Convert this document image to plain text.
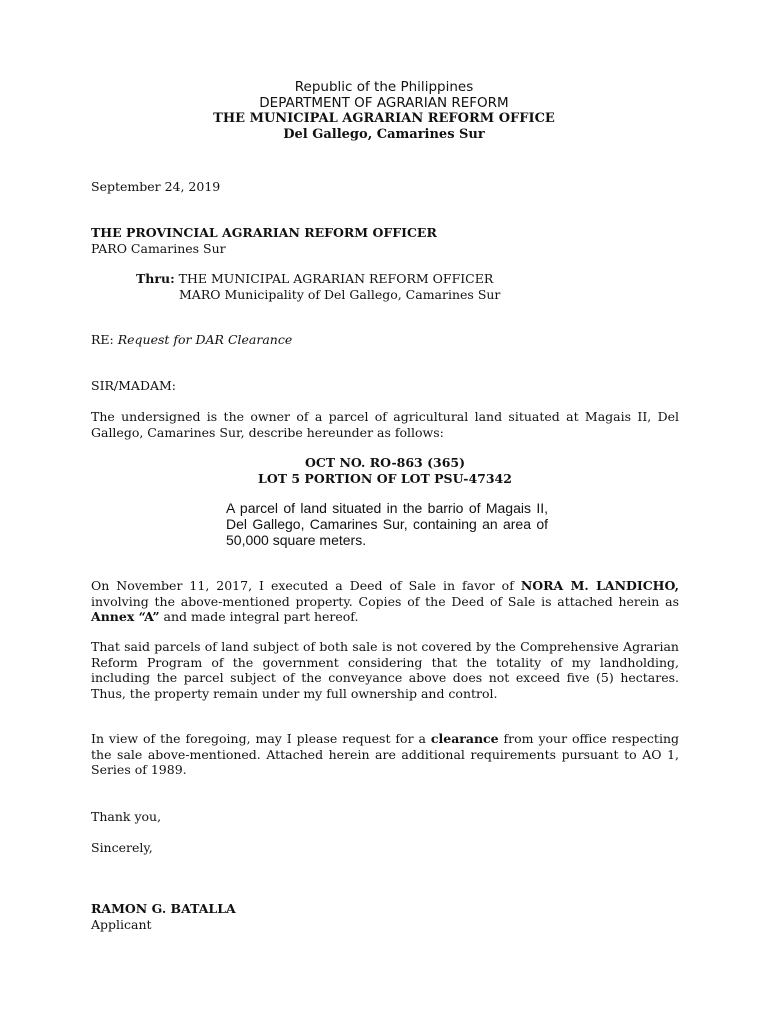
Republic of the Philippines
DEPARTMENT OF AGRARIAN REFORM
THE MUNICIPAL AGRARIAN REFORM OFFICE
Del Gallego, Camarines Sur
September 24, 2019
THE PROVINCIAL AGRARIAN REFORM OFFICER
PARO Camarines Sur
Thru: THE MUNICIPAL AGRARIAN REFORM OFFICER
MARO Municipality of Del Gallego, Camarines Sur
RE: Request for DAR Clearance
SIR/MADAM:
The undersigned is the owner of a parcel of agricultural land situated at Magais II, Del Gallego, Camarines Sur, describe hereunder as follows:
OCT NO. RO-863 (365)
LOT 5 PORTION OF LOT PSU-47342
A parcel of land situated in the barrio of Magais II, Del Gallego, Camarines Sur, containing an area of 50,000 square meters.
On November 11, 2017, I executed a Deed of Sale in favor of NORA M. LANDICHO, involving the above-mentioned property. Copies of the Deed of Sale is attached herein as Annex “A” and made integral part hereof.
That said parcels of land subject of both sale is not covered by the Comprehensive Agrarian Reform Program of the government considering that the totality of my landholding, including the parcel subject of the conveyance above does not exceed five (5) hectares. Thus, the property remain under my full ownership and control.
In view of the foregoing, may I please request for a clearance from your office respecting the sale above-mentioned. Attached herein are additional requirements pursuant to AO 1, Series of 1989.
Thank you,
Sincerely,
RAMON G. BATALLA
Applicant
